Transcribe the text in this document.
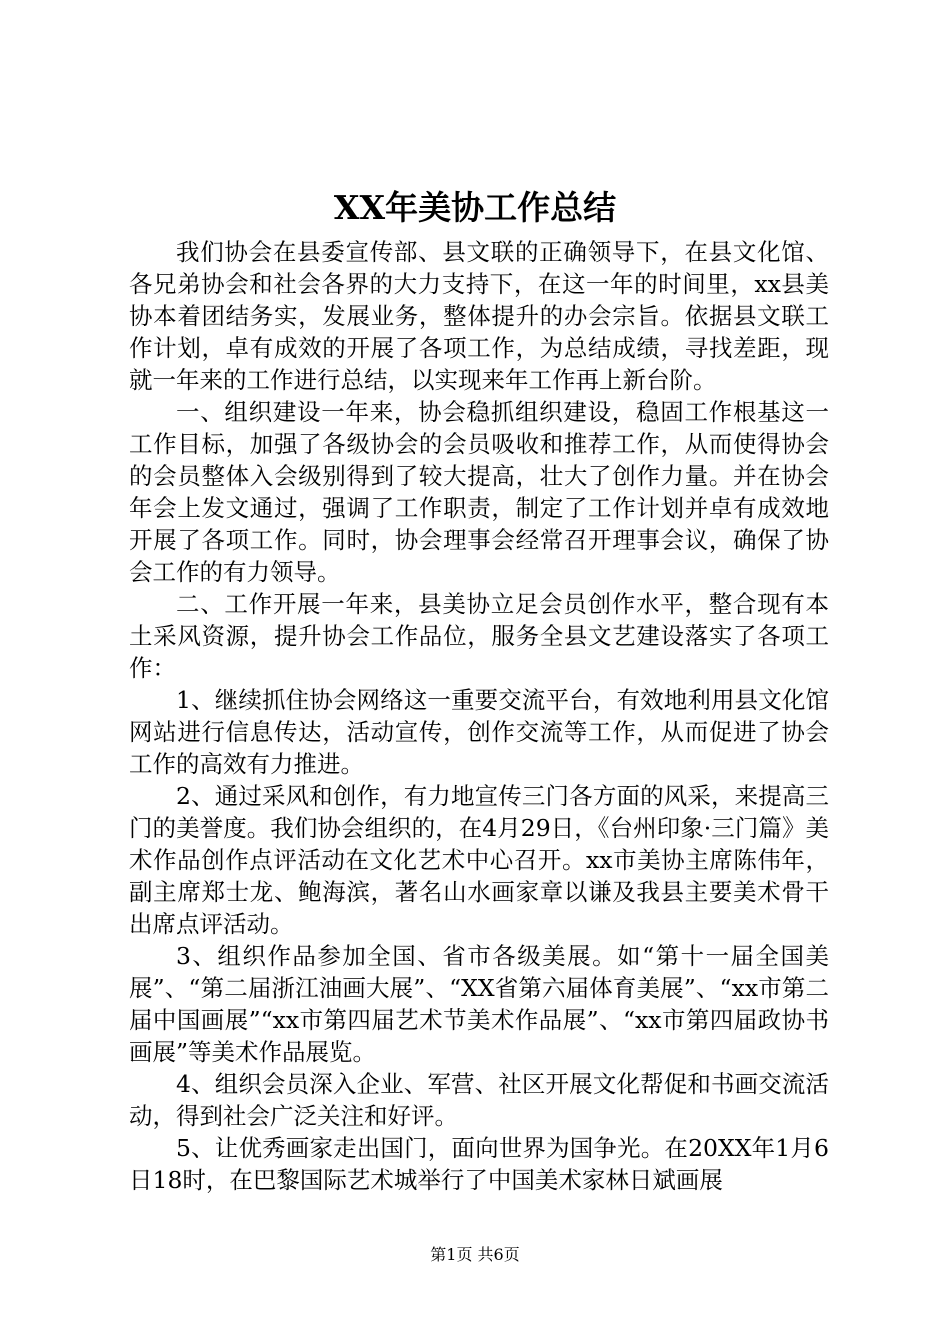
XX年美协工作总结

我们协会在县委宣传部、县文联的正确领导下，在县文化馆、各兄弟协会和社会各界的大力支持下，在这一年的时间里，xx县美协本着团结务实，发展业务，整体提升的办会宗旨。依据县文联工作计划，卓有成效的开展了各项工作，为总结成绩，寻找差距，现就一年来的工作进行总结，以实现来年工作再上新台阶。

一、组织建设一年来，协会稳抓组织建设，稳固工作根基这一工作目标，加强了各级协会的会员吸收和推荐工作，从而使得协会的会员整体入会级别得到了较大提高，壮大了创作力量。并在协会年会上发文通过，强调了工作职责，制定了工作计划并卓有成效地开展了各项工作。同时，协会理事会经常召开理事会议，确保了协会工作的有力领导。

二、工作开展一年来，县美协立足会员创作水平，整合现有本土采风资源，提升协会工作品位，服务全县文艺建设落实了各项工作：

1、继续抓住协会网络这一重要交流平台，有效地利用县文化馆网站进行信息传达，活动宣传，创作交流等工作，从而促进了协会工作的高效有力推进。

2、通过采风和创作，有力地宣传三门各方面的风采，来提高三门的美誉度。我们协会组织的，在4月29日，《台州印象·三门篇》美术作品创作点评活动在文化艺术中心召开。xx市美协主席陈伟年，副主席郑士龙、鲍海滨，著名山水画家章以谦及我县主要美术骨干出席点评活动。

3、组织作品参加全国、省市各级美展。如“第十一届全国美展”、“第二届浙江油画大展”、“XX省第六届体育美展”、“xx市第二届中国画展”“xx市第四届艺术节美术作品展”、“xx市第四届政协书画展”等美术作品展览。

4、组织会员深入企业、军营、社区开展文化帮促和书画交流活动，得到社会广泛关注和好评。

5、让优秀画家走出国门，面向世界为国争光。在20XX年1月6日18时，在巴黎国际艺术城举行了中国美术家林日斌画展

第1页 共6页
